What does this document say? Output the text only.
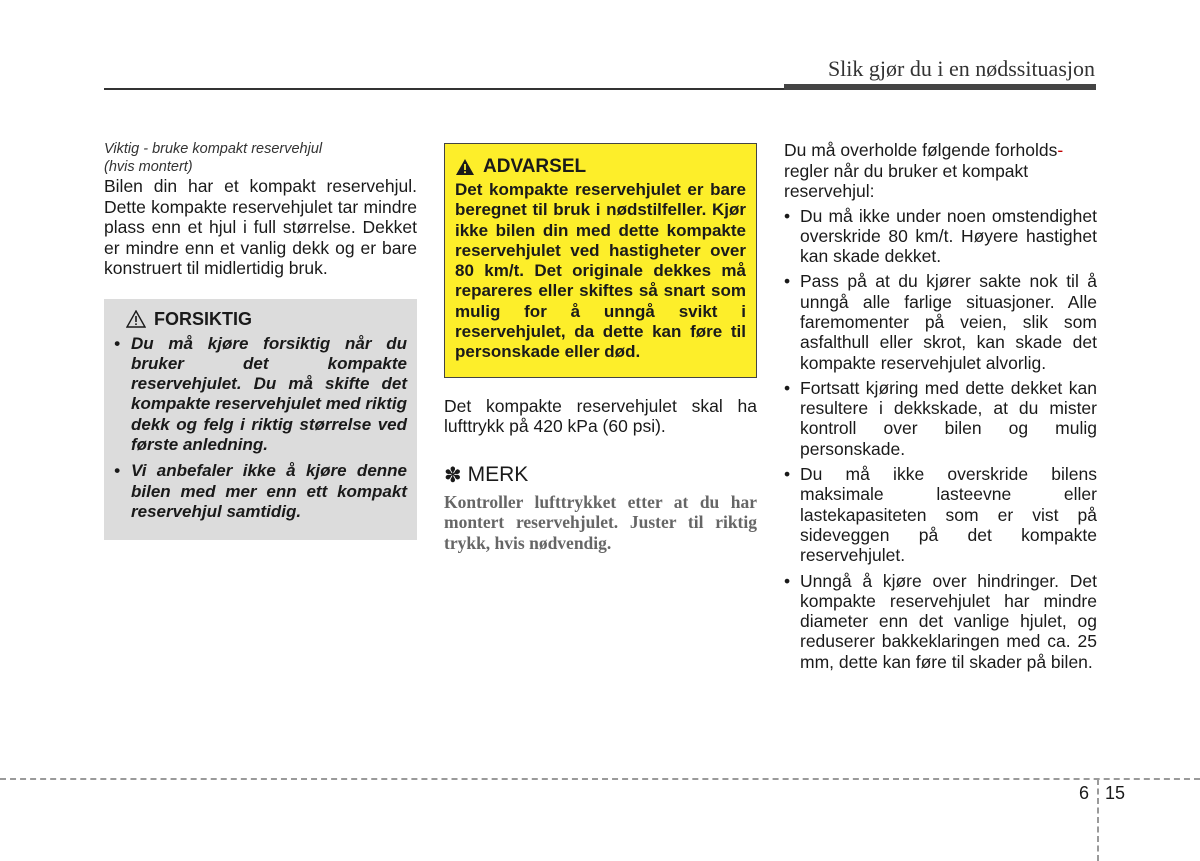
Slik gjør du i en nødssituasjon

Viktig - bruke kompakt reservehjul
(hvis montert)

Bilen din har et kompakt reservehjul. Dette kompakte reservehjulet tar mindre plass enn et hjul i full størrelse. Dekket er mindre enn et vanlig dekk og er bare konstruert til midlertidig bruk.

FORSIKTIG
• Du må kjøre forsiktig når du bruker det kompakte reservehjulet. Du må skifte det kompakte reservehjulet med riktig dekk og felg i riktig størrelse ved første anledning.
• Vi anbefaler ikke å kjøre denne bilen med mer enn ett kompakt reservehjul samtidig.
ADVARSEL

Det kompakte reservehjulet er bare beregnet til bruk i nødstilfeller. Kjør ikke bilen din med dette kompakte reservehjulet ved hastigheter over 80 km/t. Det originale dekkes må repareres eller skiftes så snart som mulig for å unngå svikt i reservehjulet, da dette kan føre til personskade eller død.

Det kompakte reservehjulet skal ha lufttrykk på 420 kPa (60 psi).

✽ MERK
Kontroller lufttrykket etter at du har montert reservehjulet. Juster til riktig trykk, hvis nødvendig.

Du må overholde følgende forholds-
regler når du bruker et kompakt reservehjul:

• Du må ikke under noen omstendighet overskride 80 km/t. Høyere hastighet kan skade dekket.
• Pass på at du kjører sakte nok til å unngå alle farlige situasjoner. Alle faremomenter på veien, slik som asfalthull eller skrot, kan skade det kompakte reservehjulet alvorlig.
• Fortsatt kjøring med dette dekket kan resultere i dekkskade, at du mister kontroll over bilen og mulig personskade.
• Du må ikke overskride bilens maksimale lasteevne eller lastekapasiteten som er vist på sideveggen på det kompakte reservehjulet.
• Unngå å kjøre over hindringer. Det kompakte reservehjulet har mindre diameter enn det vanlige hjulet, og reduserer bakkeklaringen med ca. 25 mm, dette kan føre til skader på bilen.
6 15
